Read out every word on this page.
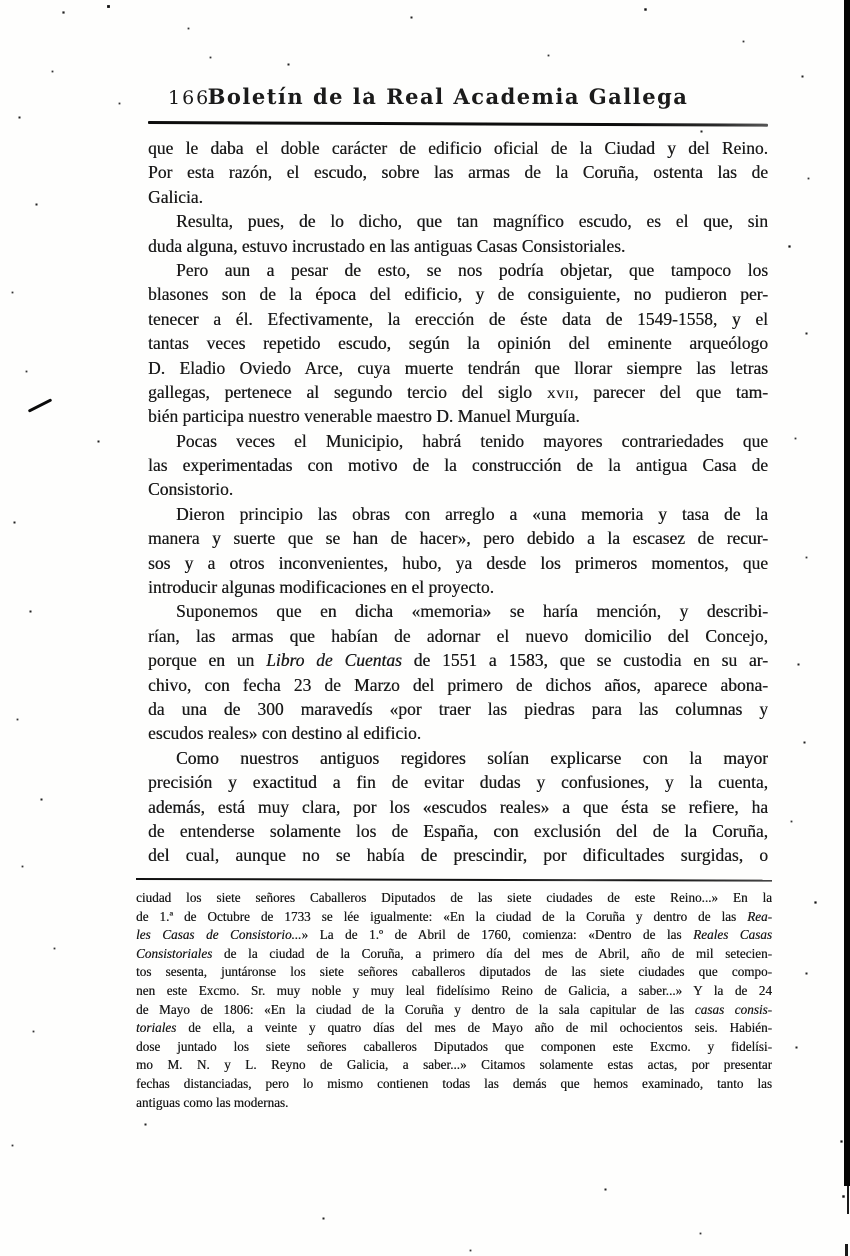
166
Boletín de la Real Academia Gallega
que le daba el doble carácter de edificio oficial de la Ciudad y del Reino.
Por esta razón, el escudo, sobre las armas de la Coruña, ostenta las de
Galicia.
Resulta, pues, de lo dicho, que tan magnífico escudo, es el que, sin
duda alguna, estuvo incrustado en las antiguas Casas Consistoriales.
Pero aun a pesar de esto, se nos podría objetar, que tampoco los
blasones son de la época del edificio, y de consiguiente, no pudieron per-
tenecer a él. Efectivamente, la erección de éste data de 1549-1558, y el
tantas veces repetido escudo, según la opinión del eminente arqueólogo
D. Eladio Oviedo Arce, cuya muerte tendrán que llorar siempre las letras
gallegas, pertenece al segundo tercio del siglo xvii, parecer del que tam-
bién participa nuestro venerable maestro D. Manuel Murguía.
Pocas veces el Municipio, habrá tenido mayores contrariedades que
las experimentadas con motivo de la construcción de la antigua Casa de
Consistorio.
Dieron principio las obras con arreglo a «una memoria y tasa de la
manera y suerte que se han de hacer», pero debido a la escasez de recur-
sos y a otros inconvenientes, hubo, ya desde los primeros momentos, que
introducir algunas modificaciones en el proyecto.
Suponemos que en dicha «memoria» se haría mención, y describi-
rían, las armas que habían de adornar el nuevo domicilio del Concejo,
porque en un Libro de Cuentas de 1551 a 1583, que se custodia en su ar-
chivo, con fecha 23 de Marzo del primero de dichos años, aparece abona-
da una de 300 maravedís «por traer las piedras para las columnas y
escudos reales» con destino al edificio.
Como nuestros antiguos regidores solían explicarse con la mayor
precisión y exactitud a fin de evitar dudas y confusiones, y la cuenta,
además, está muy clara, por los «escudos reales» a que ésta se refiere, ha
de entenderse solamente los de España, con exclusión del de la Coruña,
del cual, aunque no se había de prescindir, por dificultades surgidas, o
ciudad los siete señores Caballeros Diputados de las siete ciudades de este Reino...» En la
de 1.ª de Octubre de 1733 se lée igualmente: «En la ciudad de la Coruña y dentro de las Rea-
les Casas de Consistorio...» La de 1.º de Abril de 1760, comienza: «Dentro de las Reales Casas
Consistoriales de la ciudad de la Coruña, a primero día del mes de Abril, año de mil setecien-
tos sesenta, juntáronse los siete señores caballeros diputados de las siete ciudades que compo-
nen este Excmo. Sr. muy noble y muy leal fidelísimo Reino de Galicia, a saber...» Y la de 24
de Mayo de 1806: «En la ciudad de la Coruña y dentro de la sala capitular de las casas consis-
toriales de ella, a veinte y quatro días del mes de Mayo año de mil ochocientos seis. Habién-
dose juntado los siete señores caballeros Diputados que componen este Excmo. y fidelísi-
mo M. N. y L. Reyno de Galicia, a saber...» Citamos solamente estas actas, por presentar
fechas distanciadas, pero lo mismo contienen todas las demás que hemos examinado, tanto las
antiguas como las modernas.
